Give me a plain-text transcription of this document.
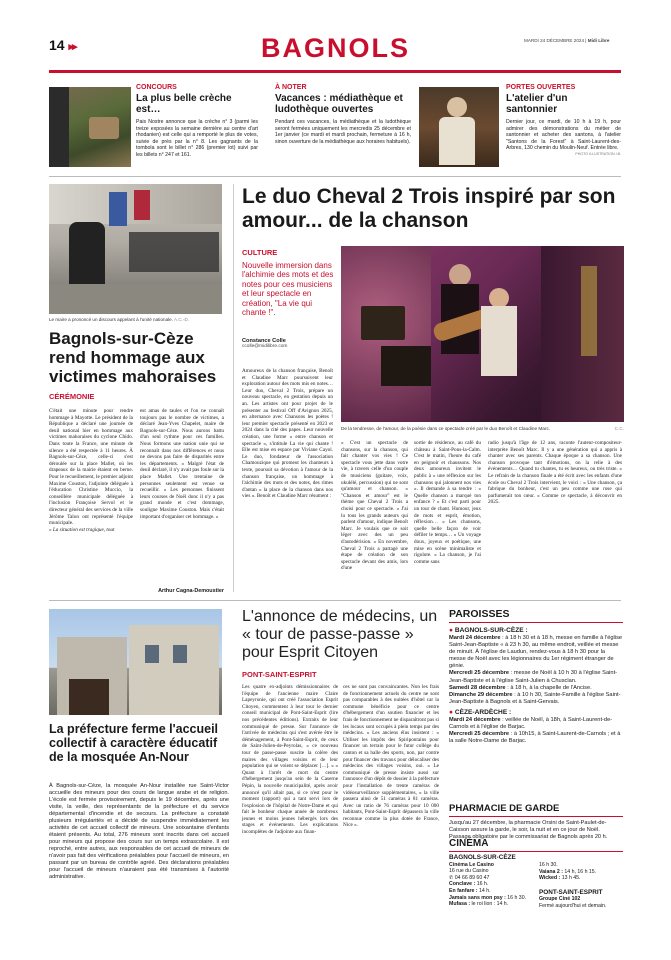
14 ▸▸	BAGNOLS	MARDI 24 DÉCEMBRE 2024 | Midi Libre
CONCOURS
La plus belle crèche est…
Pais Nostre annonce que la crèche n° 3 (parmi les treize exposées la semaine dernière au centre d'art rhodanien) est celle qui a remporté le plus de votes, suivie de près par la n° 8. Les gagnants de la tombola sont le billet n° 286 (premier lot) suivi par les billets n° 247 et 161.
À NOTER
Vacances : médiathèque et ludothèque ouvertes
Pendant ces vacances, la médiathèque et la ludothèque seront fermées uniquement les mercredis 25 décembre et 1er janvier (ce mardi et mardi prochain, fermeture à 16 h, sinon ouverture de la médiathèque aux horaires habituels).
PORTES OUVERTES
L'atelier d'un santonnier
Dernier jour, ce mardi, de 10 h à 19 h, pour admirer des démonstrations du métier de santonnier et acheter des santons, à l'atelier "Santons de la Forest" à Saint-Laurent-des-Arbres, 130 chemin du Moulin-Neuf. Entrée libre.
PHOTO ILLUSTRATION I.B.
Le maire a prononcé un discours appelant à l'unité nationale. A.C.-D.
Bagnols-sur-Cèze rend hommage aux victimes mahoraises
CÉRÉMONIE
C'était une minute pour rendre hommage à Mayotte. Le président de la République a déclaré une journée de deuil national hier en hommage aux victimes mahoraises du cyclone Chido. Dans toute la France, une minute de silence a été respectée à 11 heures. À Bagnols-sur-Cèze, celle-ci s'est déroulée sur la place Mallet, où les drapeaux de la mairie étaient en berne. Pour le recueillement, le premier adjoint Maxime Couston, l'adjointe déléguée à l'éducation Christine Muccio, la conseillère municipale déléguée à l'inclusion Françoise Servol et le directeur général des services de la ville Jérôme Talon ont représenté l'équipe municipale.
« La situation est tragique, tout
est amas de taules et l'on ne connaît toujours pas le nombre de victimes, a déclaré Jean-Yves Chapelet, maire de Bagnols-sur-Cèze. Nous aurons battu d'un seul rythme pour ces familles. Nous formons une nation unie qui se reconnaît dans nos différences et nous ne devons pas faire de disparités entre les départements. » Malgré l'état de deuil déclaré, il n'y avait pas foule sur la place Mallet. Une trentaine de personnes seulement est venue se recueillir. « Les personnes finissent leurs courses de Noël donc il n'y a pas grand monde et c'est dommage, souligne Maxime Couston. Mais c'était important d'organiser cet hommage. »
Arthur Cagna-Demoustier
Le duo Cheval 2 Trois inspiré par son amour... de la chanson
CULTURE
Nouvelle immersion dans l'alchimie des mots et des notes pour ces musiciens et leur spectacle en création, "La vie qui chante !".
Constance Colle
ccolle@midilibre.com
De la tendresse, de l'amour, de la poésie dans ce spectacle créé par le duo Benoît et Claudine Marc.	C.C.
Amoureux de la chanson française, Benoît et Claudine Marc poursuivent leur exploration autour des mots mis en notes… Leur duo, Cheval 2 Trois, prépare un nouveau spectacle, en gestation depuis un an. Les artistes ont pour projet de le présenter au festival Off d'Avignon 2025, en alternance avec Chansons les poètes ! leur premier spectacle présenté en 2023 et 2024 dans la cité des papes. Leur nouvelle création, une forme « entre chanson et spectacle », s'intitule La vie qui chante ! Elle est mise en espace par Viviane Cayol. Le duo, fondateur de l'association Chamouzique qui promeut les chanteurs à texte, poursuit sa dévotion à l'amour de la chanson française, un hommage à l'alchimie des mots et des notes, des rimes d'antan « la place de la chanson dans nos vies ». Benoît et Claudine Marc résument :
« C'est un spectacle de chansons, sur la chanson, qui fait chanter vos vies ! Ce spectacle vous jette dans votre vie, à travers celle d'un couple de musiciens (guitare, voix, ukulélé, percussion) qui ne sont qu'amour et chanson. » "Chanson et amour" est le thème que Cheval 2 Trois a choisi pour ce spectacle. « J'ai lu tous les grands auteurs qui parlent d'amour, indique Benoît Marc. Je voulais que ce soit léger avec des un peu d'autodérision. » En novembre, Cheval 2 Trois a partagé une étape de création de son spectacle devant des amis, lors d'une
sortie de résidence, au café du château à Saint-Pons-la-Calm. C'est le matin, l'heure du café en peignoir et chaussons. Nos deux amoureux invitent le public à « une réflexion sur les chansons qui jalonnent nos vies ». Il demande à sa tendre : « Quelle chanson a marqué ton enfance ? » Et c'est parti pour un tour de chant. Humour, jeux de mots et esprit, émotion, réflexion… « Les chansons, quelle belle façon de voir défiler le temps… » Un voyage doux, joyeux et poétique, une mise en scène minimaliste et rigolote. « La chanson, je l'ai comme sans
radio jusqu'à l'âge de 12 ans, raconte l'auteur-compositeur-interprète Benoît Marc. Il y a une génération qui a appris à chanter avec ses parents. Chaque époque a sa chanson. Une chanson provoque tant d'émotions, on la relie à des événements… Quand tu chantes, tu es heureux, ou très triste. » Le refrain de la chanson finale a été écrit avec les enfants d'une école ou Cheval 2 Trois intervient, le voici : « Une chanson, ça fabrique du bonheur, c'est un peu comme une rose qui parfumerait ton cœur. » Comme ce spectacle, à découvrir en 2025.
La préfecture ferme l'accueil collectif à caractère éducatif de la mosquée An-Nour
À Bagnols-sur-Cèze, la mosquée An-Nour installée rue Saint-Victor accueille des mineurs pour des cours de langue arabe et de religion. L'école est fermée provisoirement, depuis le 19 décembre, après une visite, la veille, des représentants de la préfecture et du service départemental d'incendie et de secours. La préfecture a constaté plusieurs irrégularités et a décidé de suspendre immédiatement les activités de cet accueil collectif de mineurs. Une soixantaine d'enfants étaient présents. Au total, 276 mineurs sont inscrits dans cet accueil pour mineurs qui propose des cours sur un temps extrascolaire. Il est reproché, entre autres, aux responsables de cet accueil de mineurs de n'avoir pas fait des vérifications préalables pour l'accueil de mineurs, en passant par un bureau de contrôle agréé. Des déclarations préalables pour l'accueil de mineurs n'auraient pas été transmises à l'autorité administrative.
L'annonce de médecins, un « tour de passe-passe » pour Esprit Citoyen
PONT-SAINT-ESPRIT
Les quatre ex-adjoints démissionnaires de l'équipe de l'ancienne maire Claire Lapeyronie, qui ont créé l'association Esprit Citoyen, commentent à leur tour le dernier conseil municipal de Pont-Saint-Esprit (lire nos précédentes éditions). Extraits de leur communiqué de presse. Sur l'annonce de l'arrivée de médecins qui s'est avérée être le déménagement, à Pont-Saint-Esprit, de ceux de Saint-Julien-de-Peyrolas, « ce nouveau tour de passe-passe suscite la colère des maires des villages voisins et de leur population qui se voient se déplacer […]. » « Quant à l'arrêt de mort du centre d'hébergement jusqu'au sein de la Caserne Pépin, la nouvelle municipalité, après avoir annoncé qu'il allait pas, si ce n'est pour le moment (rapport) qui a tant servi lors de l'explosion de l'hôpital de Notre-Dame et qui fait le bonheur chaque année de nombreux jeunes et moins jeunes hébergés lors des stages et événements. Les explications incomplètes de l'adjointe aux finan-
ces ne sont pas convaincantes. Non les frais de fonctionnement actuels du centre ne sont pas comparables à des nuitées d'hôtel car la commune bénéficie pour ce centre d'hébergement d'un soutien financier et les frais de fonctionnement ne disparaîtront pas si les locaux sont occupés à plein temps par des médecins. » Les anciens élus insistent : « Utiliser les impôts des Spiripontains pour financer un terrain pour le futur collège du canton et sa halle des sports, non, par contre pour financer des travaux pour délocaliser des médecins des villages voisins, oui. » Le communiqué de presse insiste aussi sur l'annonce d'un dépôt de dossier à la préfecture pour l'installation de trente caméras de vidéosurveillance supplémentaires, « la ville passera ainsi de 51 caméras à 81 caméras. Avec un ratio de 76 caméras pour 10 000 habitants, Pont-Saint-Esprit dépassera la ville reconnue comme la plus dotée de France, Nice ».
PAROISSES
● BAGNOLS-SUR-CÈZE :
Mardi 24 décembre : à 18 h 30 et à 18 h, messe en famille à l'église Saint-Jean-Baptiste « à 23 h 30, au même endroit, veillée et messe de minuit. À l'église de Laudun, rendez-vous à 18 h 30 pour la messe de Noël avec les légionnaires du 1er régiment étranger de génie.
Mercredi 25 décembre : messe de Noël à 10 h 30 à l'église Saint-Jean-Baptiste et à l'église Saint-Julien à Chusclan.
Samedi 28 décembre : à 18 h, à la chapelle de l'Ancise.
Dimanche 29 décembre : à 10 h 30, Sainte-Famille à l'église Saint-Jean-Baptiste à Bagnols et à Saint-Gervais.
● CÈZE-ARDÈCHE :
Mardi 24 décembre : veillée de Noël, à 18h, à Saint-Laurent-de-Carnols et à l'église de Barjac.
Mercredi 25 décembre : à 10h15, à Saint-Laurent-de-Carnols ; et à la salle Notre-Dame de Barjac.
PHARMACIE DE GARDE
Jusqu'au 27 décembre, la pharmacie Orsini de Saint-Paulet-de-Caisson assure la garde, le soir, la nuit et en ce jour de Noël. Passage obligatoire par le commissariat de Bagnols après 20 h.
CINÉMA
BAGNOLS-SUR-CÈZE
Cinéma Le Casino
16 rue du Casino
✆ 04 66 89 60 47
Conclave : 16 h.
En fanfare : 14 h.
Jamais sans mon psy : 16 h 30.
Mufasa : le roi lion : 14 h.
16 h 30.
Vaiana 2 : 14 h, 16 h 15.
Wicked : 13 h 45.
PONT-SAINT-ESPRIT
Groupe Ciné 102
Fermé aujourd'hui et demain.
